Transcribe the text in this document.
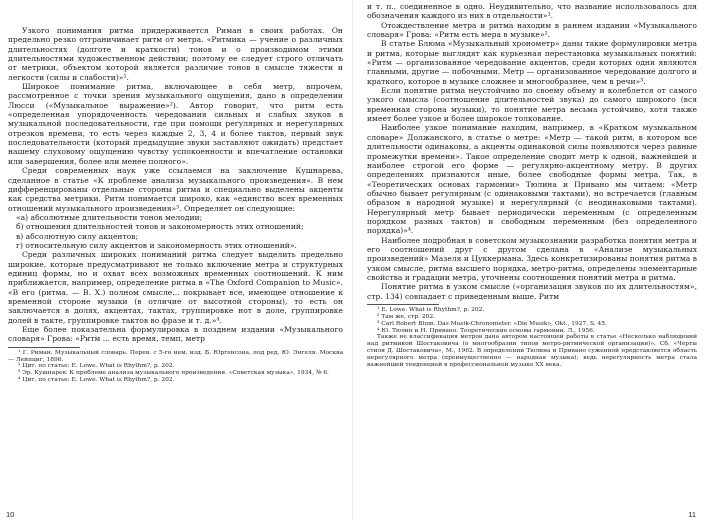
Узкого понимания ритма придерживается Риман в своих работах. Он предельно резко отграничивает ритм от метра. «Ритмика — учение о различных длительностях (долготе и краткости) тонов и о производимом этими длительностями художественном действии; поэтому ее следует строго отличать от метрики, объектом которой является различие тонов в смысле тяжести и легкости (силы и слабости)»¹.

Широкое понимание ритма, включающее в себя метр, впрочем, рассмотренное с точки зрения музыкального ощущения, дано в определении Люсси («Музыкальное выражение»²). Автор говорит, что ритм есть «определенная упорядоченность чередования сильных и слабых звуков в музыкальной последовательности, где при помощи регулярных и нерегулярных отрезков времени, то есть через каждые 2, 3, 4 и более тактов, первый звук последовательности (который предыдущие звуки заставляют ожидать) предстает нашему слуховому ощущению чувству успокоенности и впечатление остановки или завершения, более или менее полного».

Среди современных наук уже ссылаемся на заключение Кушнарева, сделанное в статье «К проблеме анализа музыкального произведения». В нем дифференцированы отдельные стороны ритма и специально выделены акценты как средства метрики. Ритм понимается широко, как «единство всех временных отношений музыкального произведения»³. Определяет он следующие:

«а) абсолютные длительности тонов мелодии;

б) отношения длительностей тонов и закономерность этих отношений;

в) абсолютную силу акцентов;

г) относительную силу акцентов и закономерность этих отношений».

Среди различных широких пониманий ритма следует выделить предельно широкие, которые предусматривают не только включение метра и структурных единиц формы, но и охват всех возможных временных соотношений. К ним приближается, например, определение ритма в «The Oxford Companion to Music». «В его (ритма. — В. Х.) полном смысле... покрывает все, имеющее отношение к временной стороне музыки (в отличие от высотной стороны), то есть он заключается в долях, акцентах, тактах, группировке нот в доле, группировке долей в такте, группировке тактов во фразе и т. д.»⁴.

Еще более показательна формулировка в позднем издании «Музыкального словаря» Грова: «Ритм ... есть время, темп, метр

¹ Г. Риман. Музыкальный словарь. Перев. с 5-го нем. изд. Б. Юргенсона, под ред. Ю. Энгеля. Москва — Лейпциг, 1896.

² Цит. по статье: E. Lowe. What is Rhythm?, p. 202.

³ Эр. Кушнарев. К проблеме анализа музыкального произведения. «Советская музыка», 1934, № 6.

⁴ Цит. по статье: E. Lowe. What is Rhythm?, p. 202.

10

и т. п., соединенное в одно. Неудивительно, что название использовалось для обозначения каждого из них в отдельности»¹.

Отождествление метра и ритма находим в раннем издании «Музыкального словаря» Грова: «Ритм есть мера в музыке»².

В статье Блюма «Музыкальный хронометр» даны такие формулировки метра и ритма, которые выглядят как курьезная перестановка музыкальных понятий: «Ритм — организованное чередование акцентов, среди которых одни являются главными, другие — побочными. Метр — организованное чередование долгого и краткого, которое в музыке сложнее и многообразнее, чем в речи»³.

Если понятие ритма неустойчиво по своему объему и колеблется от самого узкого смысла (соотношение длительностей звука) до самого широкого (вся временная сторона музыки), то понятие метра весьма устойчиво, хотя также имеет более узкое и более широкое толкование.

Наиболее узкое понимание находим, например, в «Кратком музыкальном словаре» Должанского, в статье о метре: «Метр — такой ритм, в котором все длительности одинаковы, а акценты одинаковой силы появляются через равные промежутки времени». Такое определение сводит метр к одной, важнейшей и наиболее строгой его форме — регулярно-акцентному метру. В других определениях признаются иные, более свободные формы метра. Так, в «Теоретических основах гармонии» Тюлина и Привано мы читаем: «Метр обычно бывает регулярным (с одинаковыми тактами), но встречается (главным образом в народной музыке) и нерегулярный (с неодинаковыми тактами). Нерегулярный метр бывает периодически переменным (с определенным порядком разных тактов) и свободным переменным (без определенного порядка)»⁴.

Наиболее подробная в советском музыкознании разработка понятия метра и его соотношений друг с другом сделана в «Анализе музыкальных произведений» Мазеля и Цуккермана. Здесь конкретизированы понятия ритма в узком смысле, ритма высшего порядка, метро-ритма, определены элементарные свойства и градации метра, уточнены соотношения понятий метра и ритма.

Понятие ритма в узком смысле («организация звуков по их длительностям», стр. 134) совпадает с приведенным выше. Ритм

¹ E. Lowe. What is Rhythm?, p. 202.

² Там же, стр. 202.

³ Carl Robert Blum. Das Musik-Chronometer. «Die Musik», Okt., 1927, S. 45.

⁴ Ю. Тюлин и Н. Привано. Теоретические основы гармонии. Л., 1956.

Также не классификация метров дана автором настоящей работы в статье «Несколько наблюдений над ритмикой Шостаковича (о многообразии типов метро-ритмической организации)». Сб. «Черты стиля Д. Шостаковича», М., 1962. В определении Тюлина и Привано суженной представляется область нерегулярного метра (преимущественно — народная музыка); ведь нерегулярность метра стала важнейшей тенденцией в профессиональной музыке XX века.

11
